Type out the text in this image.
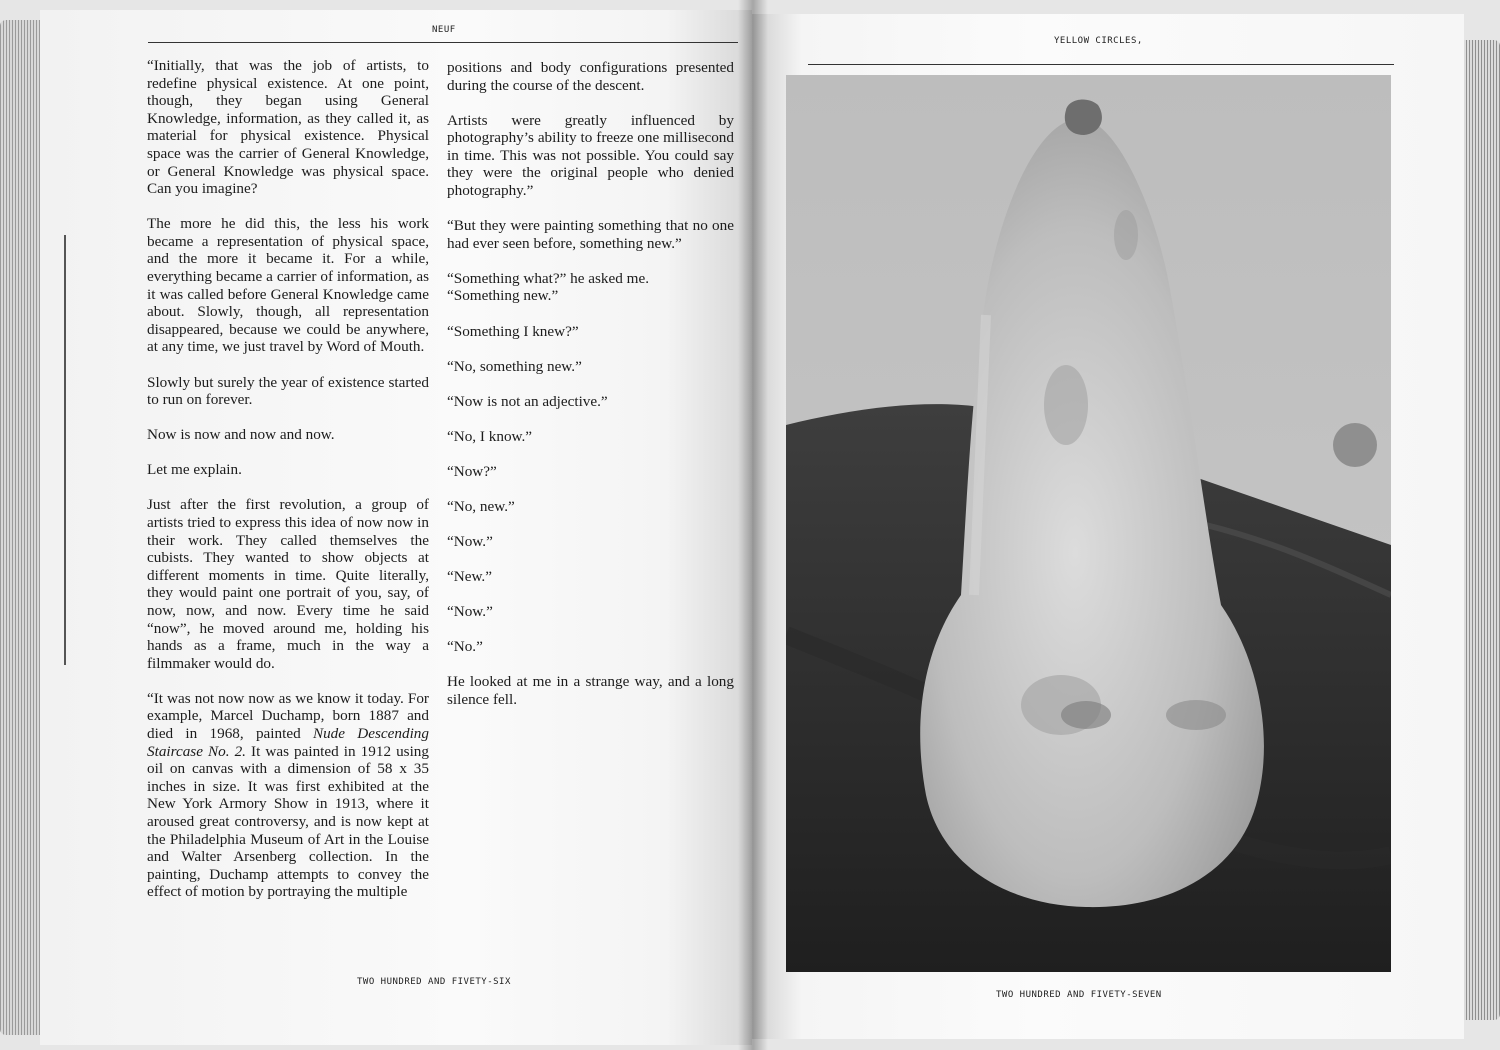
NEUF
YELLOW CIRCLES,

“Initially, that was the job of artists, to redefine physical existence. At one point, though, they began using General Knowledge, information, as they called it, as material for physical existence. Physical space was the carrier of General Knowledge, or General Knowledge was physical space. Can you imagine?

The more he did this, the less his work became a representation of physical space, and the more it became it. For a while, everything became a carrier of information, as it was called before General Knowledge came about. Slowly, though, all representation disappeared, because we could be anywhere, at any time, we just travel by Word of Mouth.

Slowly but surely the year of existence started to run on forever.

Now is now and now and now.

Let me explain.

Just after the first revolution, a group of artists tried to express this idea of now now in their work. They called themselves the cubists. They wanted to show objects at different moments in time. Quite literally, they would paint one portrait of you, say, of now, now, and now. Every time he said “now”, he moved around me, holding his hands as a frame, much in the way a filmmaker would do.

“It was not now now as we know it today. For example, Marcel Duchamp, born 1887 and died in 1968, painted Nude Descending Staircase No. 2. It was painted in 1912 using oil on canvas with a dimension of 58 x 35 inches in size. It was first exhibited at the New York Armory Show in 1913, where it aroused great controversy, and is now kept at the Philadelphia Museum of Art in the Louise and Walter Arsenberg collection. In the painting, Duchamp attempts to convey the effect of motion by portraying the multiple

positions and body configurations presented during the course of the descent.

Artists were greatly influenced by photography’s ability to freeze one millisecond in time. This was not possible. You could say they were the original people who denied photography.”

“But they were painting something that no one had ever seen before, something new.”

“Something what?” he asked me.

“Something new.”

“Something I knew?”

“No, something new.”

“Now is not an adjective.”

“No, I know.”

“Now?”

“No, new.”

“Now.”

“New.”

“Now.”

“No.”

He looked at me in a strange way, and a long silence fell.

TWO HUNDRED AND FIVETY-SIX
TWO HUNDRED AND FIVETY-SEVEN
